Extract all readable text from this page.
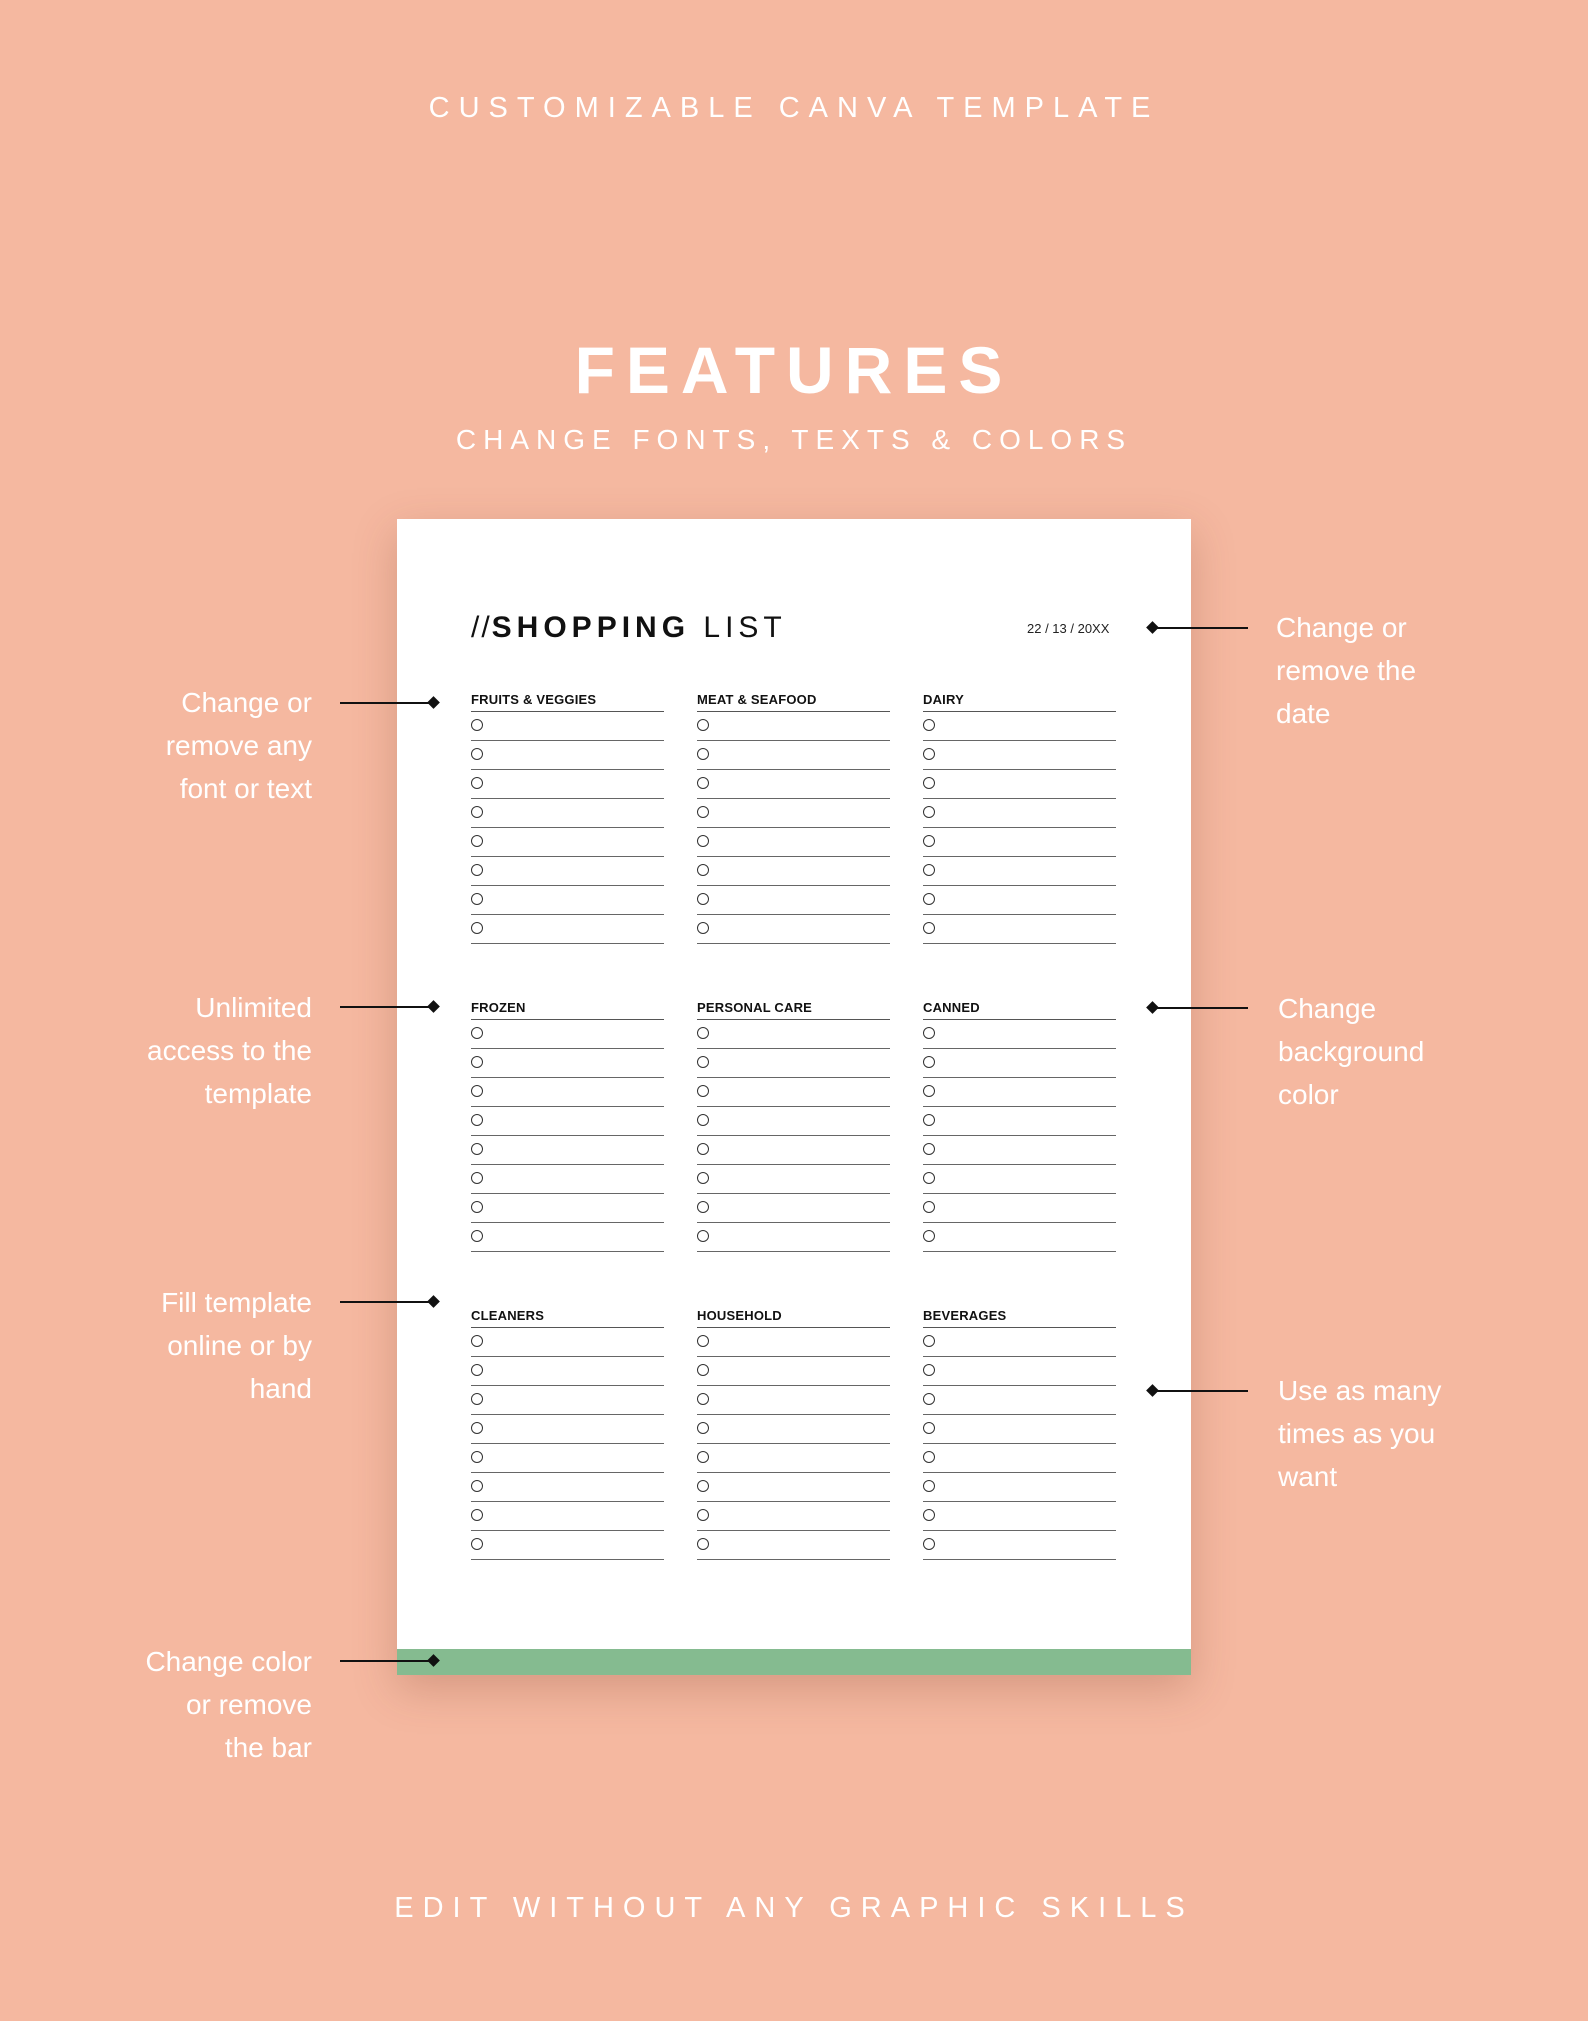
CUSTOMIZABLE CANVA TEMPLATE
FEATURES
CHANGE FONTS, TEXTS & COLORS
//SHOPPING LIST	22 / 13 / 20XX
FRUITS & VEGGIES	MEAT & SEAFOOD	DAIRY
FROZEN	PERSONAL CARE	CANNED
CLEANERS	HOUSEHOLD	BEVERAGES
Change or
remove any
font or text
Unlimited
access to the
template
Fill template
online or by
hand
Change color
or remove
the bar
Change or
remove the
date
Change
background
color
Use as many
times as you
want
EDIT WITHOUT ANY GRAPHIC SKILLS
